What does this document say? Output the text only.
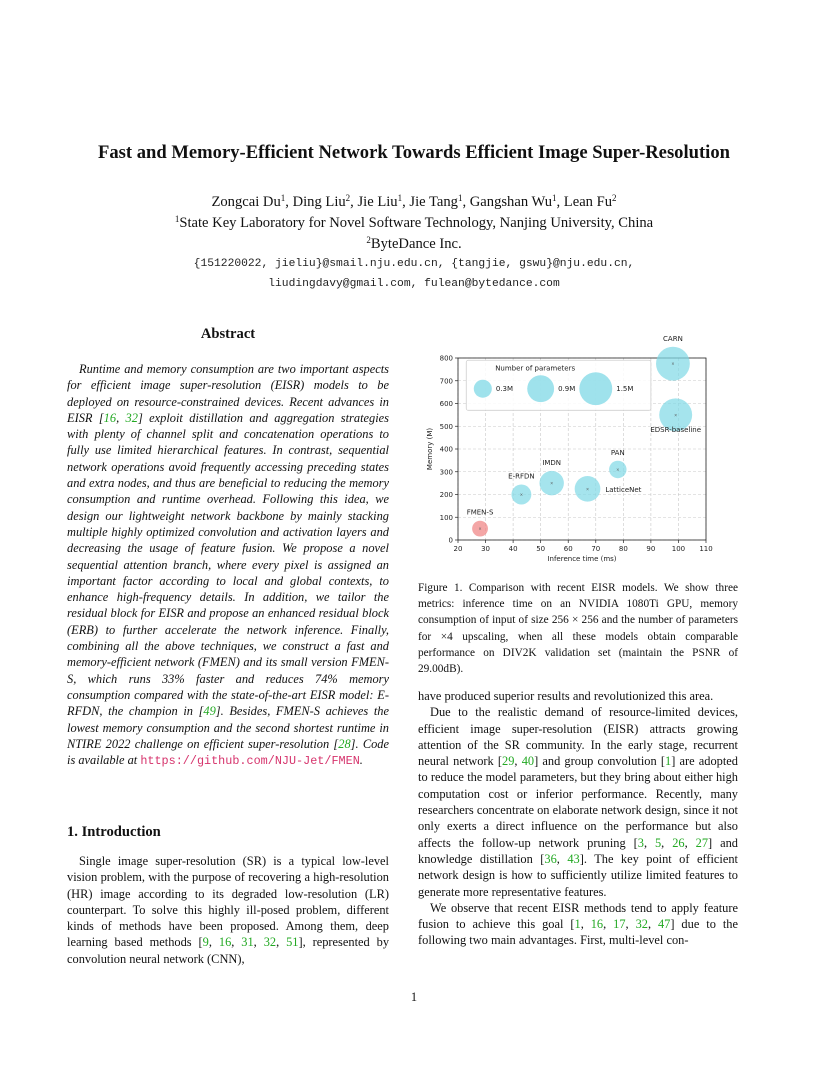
Fast and Memory-Efficient Network Towards Efficient Image Super-Resolution
Zongcai Du$^1$, Ding Liu$^2$, Jie Liu$^1$, Jie Tang$^1$, Gangshan Wu$^1$, Lean Fu$^2$
$^1$State Key Laboratory for Novel Software Technology, Nanjing University, China
$^2$ByteDance Inc.
{151220022, jieliu}@smail.nju.edu.cn, {tangjie, gswu}@nju.edu.cn,
liudingdavy@gmail.com, fulean@bytedance.com
Abstract

Runtime and memory consumption are two important aspects for efficient image super-resolution (EISR) models to be deployed on resource-constrained devices. Recent advances in EISR [16, 32] exploit distillation and aggregation strategies with plenty of channel split and concatenation operations to fully use limited hierarchical features. In contrast, sequential network operations avoid frequently accessing preceding states and extra nodes, and thus are beneficial to reducing the memory consumption and runtime overhead. Following this idea, we design our lightweight network backbone by mainly stacking multiple highly optimized convolution and activation layers and decreasing the usage of feature fusion. We propose a novel sequential attention branch, where every pixel is assigned an important factor according to local and global contexts, to enhance high-frequency details. In addition, we tailor the residual block for EISR and propose an enhanced residual block (ERB) to further accelerate the network inference. Finally, combining all the above techniques, we construct a fast and memory-efficient network (FMEN) and its small version FMEN-S, which runs 33% faster and reduces 74% memory consumption compared with the state-of-the-art EISR model: E-RFDN, the champion in [49]. Besides, FMEN-S achieves the lowest memory consumption and the second shortest runtime in NTIRE 2022 challenge on efficient super-resolution [28]. Code is available at https://github.com/NJU-Jet/FMEN.

1. Introduction

Single image super-resolution (SR) is a typical low-level vision problem, with the purpose of recovering a high-resolution (HR) image according to its degraded low-resolution (LR) counterpart. To solve this highly ill-posed problem, different kinds of methods have been proposed. Among them, deep learning based methods [9, 16, 31, 32, 51], represented by convolution neural network (CNN),

20	30	40	50	60	70	80	90 100 110
0
100
200
300
400
500
600
700
800
Inference time (ms)
Memory (M)
Number of parameters
0.3M	0.9M	1.5M
×
FMEN-S
×
E-RFDN
×
IMDN
× LatticeNet
×
PAN
×
CARN
×
EDSR-baseline
Figure 1. Comparison with recent EISR models. We show three metrics: inference time on an NVIDIA 1080Ti GPU, memory consumption of input of size 256 × 256 and the number of parameters for ×4 upscaling, when all these models obtain comparable performance on DIV2K validation set (maintain the PSNR of 29.00dB).

have produced superior results and revolutionized this area.

Due to the realistic demand of resource-limited devices, efficient image super-resolution (EISR) attracts growing attention of the SR community. In the early stage, recurrent neural network [29, 40] and group convolution [1] are adopted to reduce the model parameters, but they bring about either high computation cost or inferior performance. Recently, many researchers concentrate on elaborate network design, since it not only exerts a direct influence on the performance but also affects the follow-up network pruning [3, 5, 26, 27] and knowledge distillation [36, 43]. The key point of efficient network design is how to sufficiently utilize limited features to generate more representative features.

We observe that recent EISR methods tend to apply feature fusion to achieve this goal [1, 16, 17, 32, 47] due to the following two main advantages. First, multi-level con-

1
